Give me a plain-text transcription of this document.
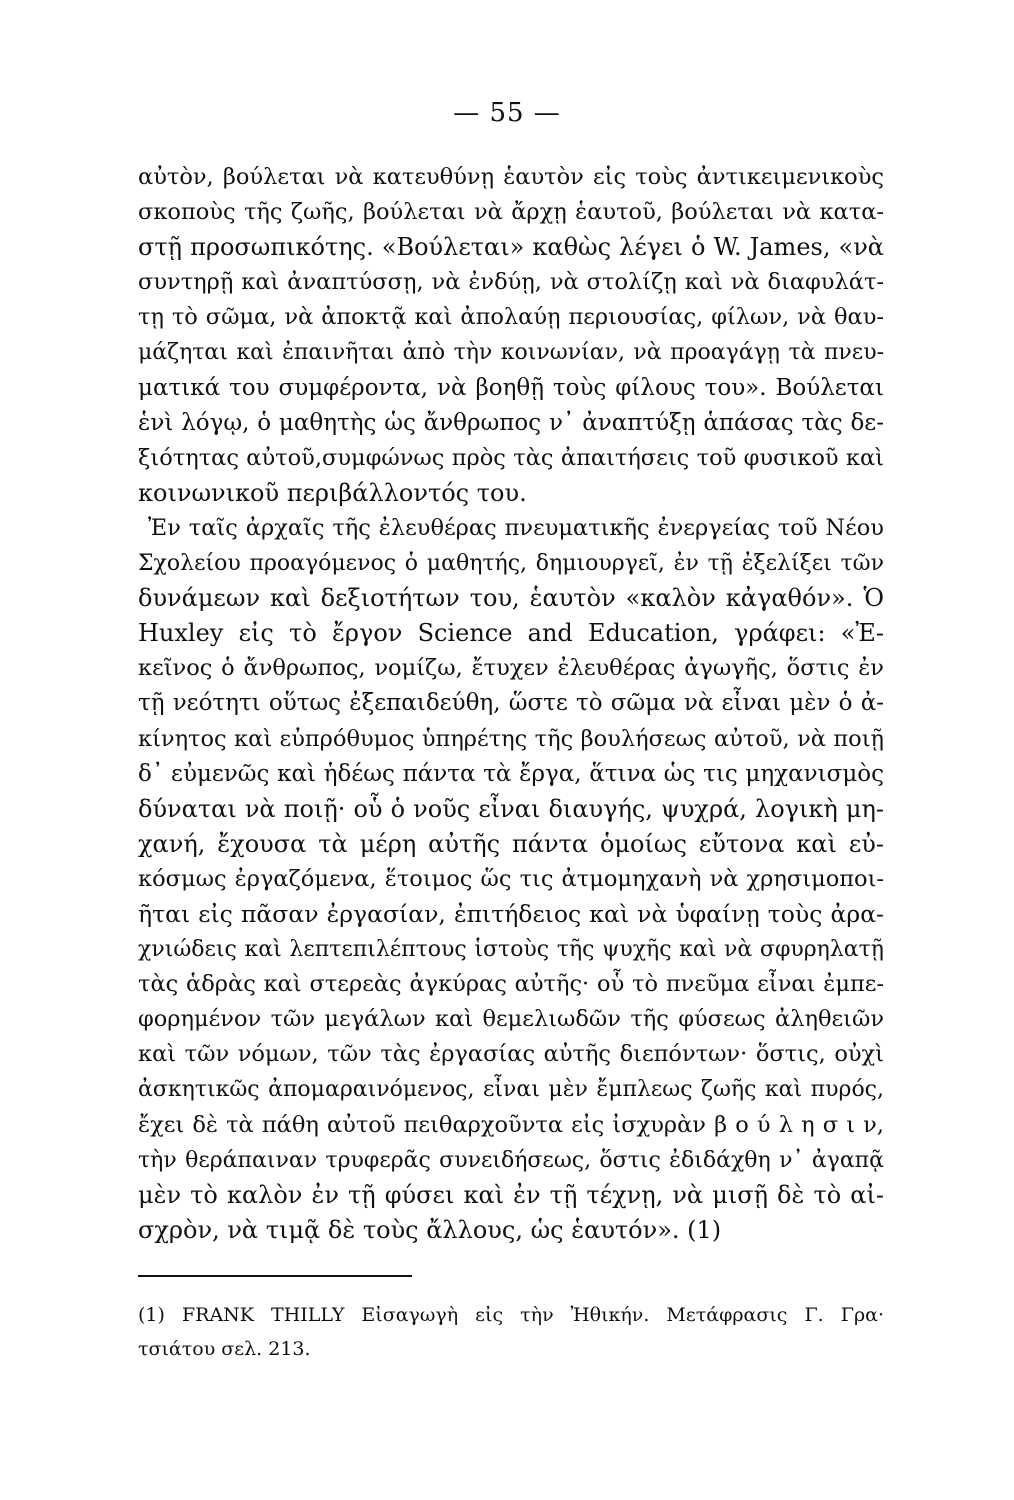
— 55 —
αὐτὸν, βούλεται νὰ κατευθύνῃ ἑαυτὸν εἰς τοὺς ἀντικειμενικοὺς
σκοποὺς τῆς ζωῆς, βούλεται νὰ ἄρχῃ ἑαυτοῦ, βούλεται νὰ κατα-
στῇ προσωπικότης. «Βούλεται» καθὼς λέγει ὁ W. James, «νὰ
συντηρῇ καὶ ἀναπτύσσῃ, νὰ ἐνδύῃ, νὰ στολίζῃ καὶ νὰ διαφυλάτ-
τῃ τὸ σῶμα, νὰ ἀποκτᾷ καὶ ἀπολαύῃ περιουσίας, φίλων, νὰ θαυ-
μάζηται καὶ ἐπαινῆται ἀπὸ τὴν κοινωνίαν, νὰ προαγάγῃ τὰ πνευ-
ματικά του συμφέροντα, νὰ βοηθῇ τοὺς φίλους του». Βούλεται
ἑνὶ λόγῳ, ὁ μαθητὴς ὡς ἄνθρωπος ν᾽ ἀναπτύξῃ ἁπάσας τὰς δε-
ξιότητας αὐτοῦ,συμφώνως πρὸς τὰς ἀπαιτήσεις τοῦ φυσικοῦ καὶ
κοινωνικοῦ περιβάλλοντός του.
Ἐν ταῖς ἀρχαῖς τῆς ἐλευθέρας πνευματικῆς ἐνεργείας τοῦ Νέου
Σχολείου προαγόμενος ὁ μαθητής, δημιουργεῖ, ἐν τῇ ἐξελίξει τῶν
δυνάμεων καὶ δεξιοτήτων του, ἑαυτὸν «καλὸν κἀγαθόν». Ὁ
Huxley εἰς τὸ ἔργον Science and Education, γράφει: «Ἐ-
κεῖνος ὁ ἄνθρωπος, νομίζω, ἔτυχεν ἐλευθέρας ἀγωγῆς, ὅστις ἐν
τῇ νεότητι οὕτως ἐξεπαιδεύθη, ὥστε τὸ σῶμα νὰ εἶναι μὲν ὁ ἀ-
κίνητος καὶ εὐπρόθυμος ὑπηρέτης τῆς βουλήσεως αὐτοῦ, νὰ ποιῇ
δ᾽ εὐμενῶς καὶ ἡδέως πάντα τὰ ἔργα, ἅτινα ὡς τις μηχανισμὸς
δύναται νὰ ποιῇ· οὗ ὁ νοῦς εἶναι διαυγής, ψυχρά, λογικὴ μη-
χανή, ἔχουσα τὰ μέρη αὐτῆς πάντα ὁμοίως εὔτονα καὶ εὐ-
κόσμως ἐργαζόμενα, ἕτοιμος ὥς τις ἀτμομηχανὴ νὰ χρησιμοποι-
ῆται εἰς πᾶσαν ἐργασίαν, ἐπιτήδειος καὶ νὰ ὑφαίνῃ τοὺς ἀρα-
χνιώδεις καὶ λεπτεπιλέπτους ἱστοὺς τῆς ψυχῆς καὶ νὰ σφυρηλατῇ
τὰς ἁδρὰς καὶ στερεὰς ἀγκύρας αὐτῆς· οὗ τὸ πνεῦμα εἶναι ἐμπε-
φορημένον τῶν μεγάλων καὶ θεμελιωδῶν τῆς φύσεως ἀληθειῶν
καὶ τῶν νόμων, τῶν τὰς ἐργασίας αὐτῆς διεπόντων· ὅστις, οὐχὶ
ἀσκητικῶς ἀπομαραινόμενος, εἶναι μὲν ἔμπλεως ζωῆς καὶ πυρός,
ἔχει δὲ τὰ πάθη αὐτοῦ πειθαρχοῦντα εἰς ἰσχυρὰν β ο ύ λ η σ ι ν,
τὴν θεράπαιναν τρυφερᾶς συνειδήσεως, ὅστις ἐδιδάχθη ν᾽ ἀγαπᾷ
μὲν τὸ καλὸν ἐν τῇ φύσει καὶ ἐν τῇ τέχνῃ, νὰ μισῇ δὲ τὸ αἰ-
σχρὸν, νὰ τιμᾷ δὲ τοὺς ἄλλους, ὡς ἑαυτόν». (1)
(1) FRANK THILLY Εἰσαγωγὴ εἰς τὴν Ἠθικήν. Μετάφρασις Γ. Γρα·
τσιάτου σελ. 213.
